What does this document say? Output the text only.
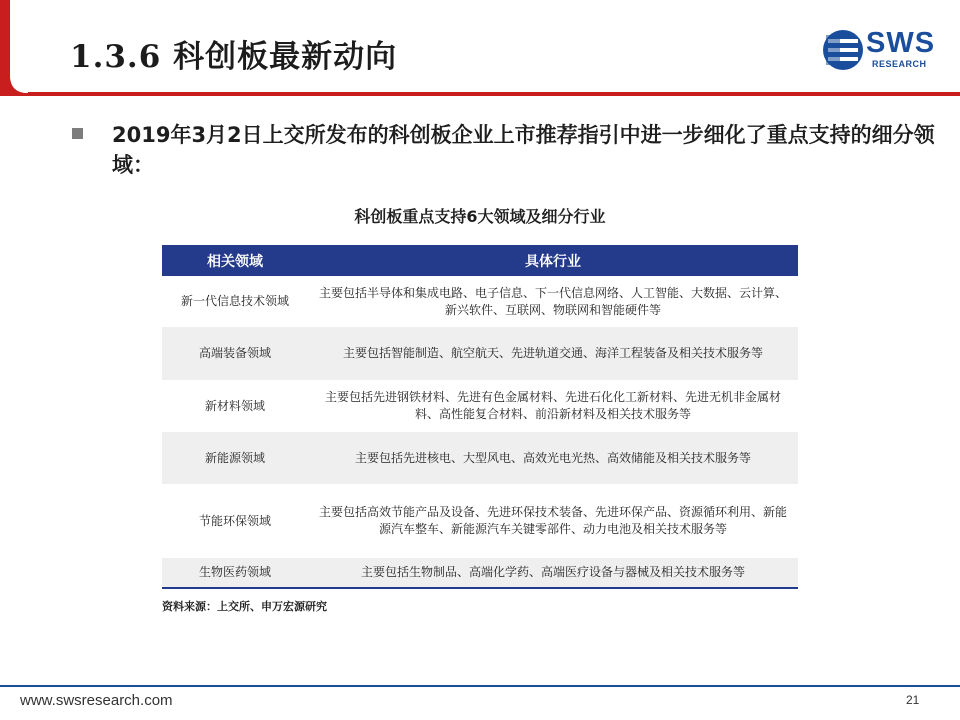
1.3.6 科创板最新动向	SWS
RESEARCH
2019年3月2日上交所发布的科创板企业上市推荐指引中进一步细化了重点支持的细分领域：
科创板重点支持6大领域及细分行业
相关领域	具体行业
新一代信息技术领域	主要包括半导体和集成电路、电子信息、下一代信息网络、人工智能、大数据、云计算、新兴软件、互联网、物联网和智能硬件等
高端装备领域	主要包括智能制造、航空航天、先进轨道交通、海洋工程装备及相关技术服务等
新材料领域	主要包括先进钢铁材料、先进有色金属材料、先进石化化工新材料、先进无机非金属材料、高性能复合材料、前沿新材料及相关技术服务等
新能源领域	主要包括先进核电、大型风电、高效光电光热、高效储能及相关技术服务等
节能环保领域	主要包括高效节能产品及设备、先进环保技术装备、先进环保产品、资源循环利用、新能源汽车整车、新能源汽车关键零部件、动力电池及相关技术服务等
生物医药领域	主要包括生物制品、高端化学药、高端医疗设备与器械及相关技术服务等
资料来源：上交所、申万宏源研究
www.swsresearch.com	21
